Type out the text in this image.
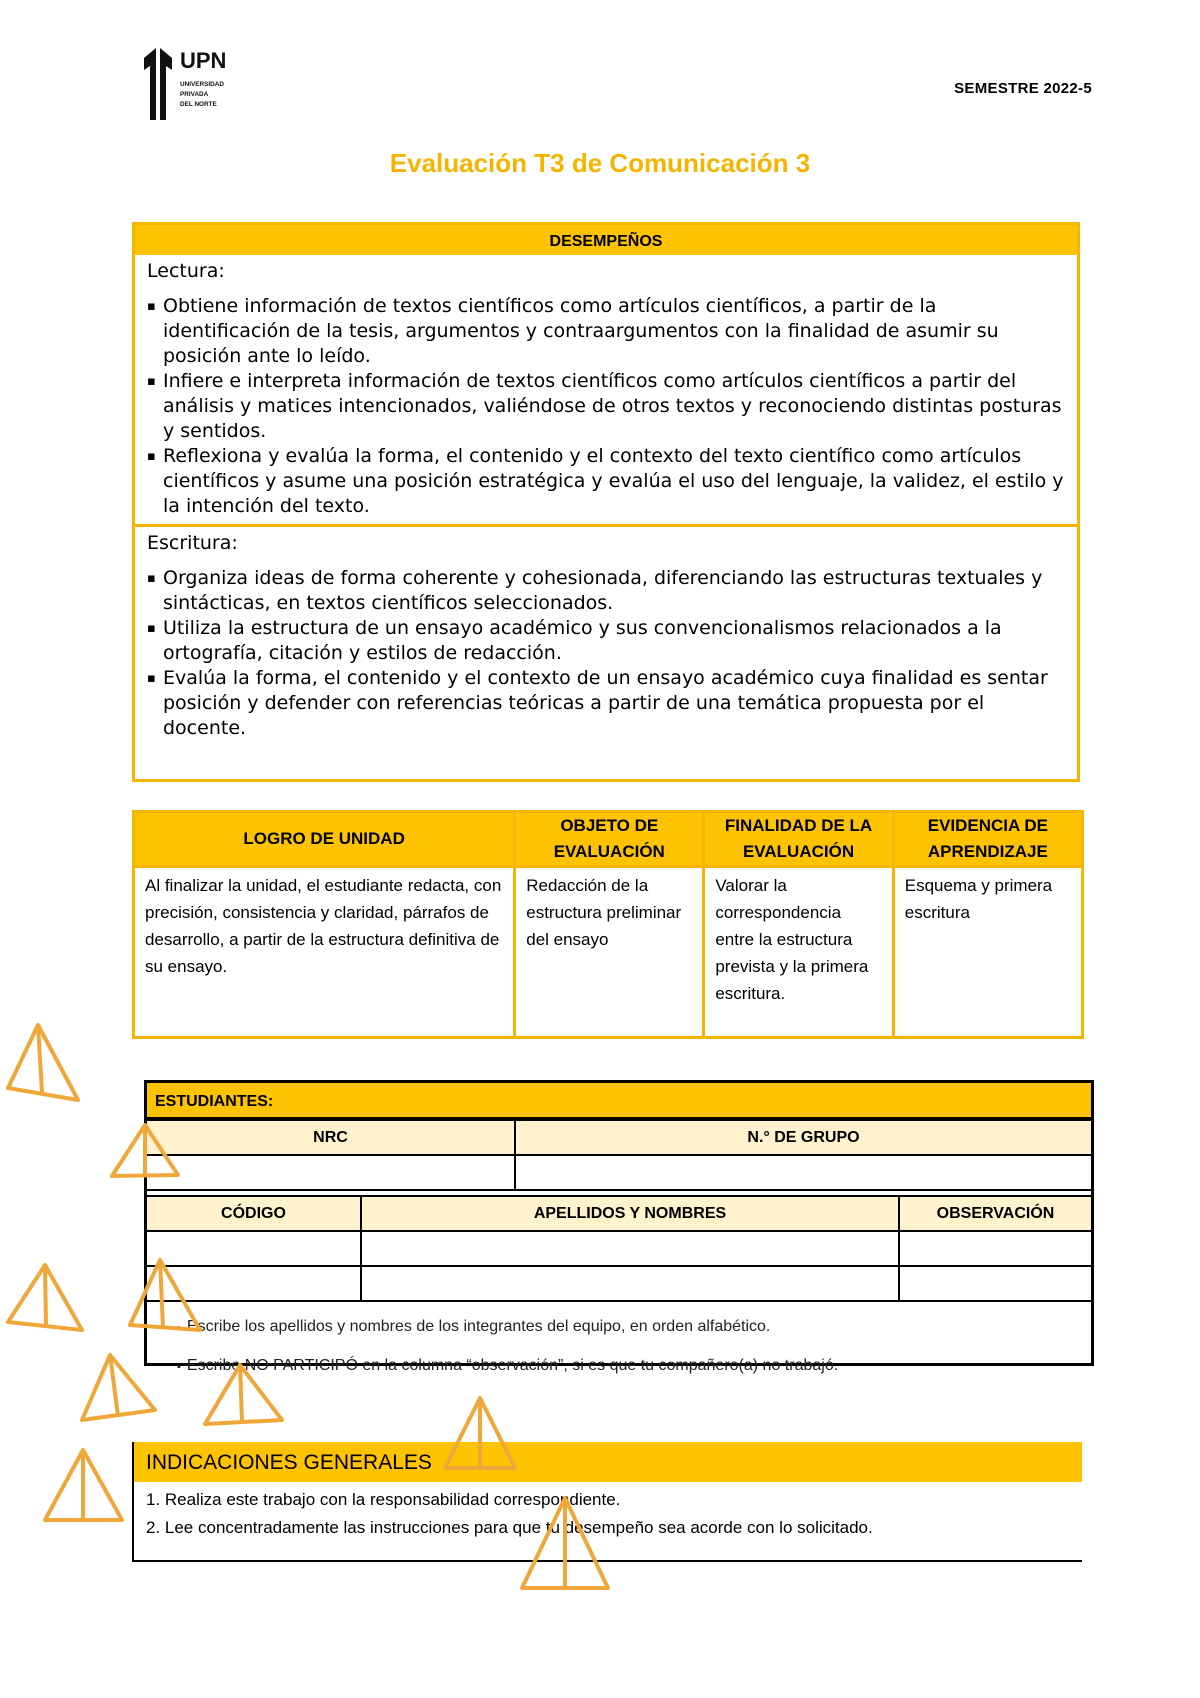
UPN
UNIVERSIDAD
PRIVADA
DEL NORTE
SEMESTRE 2022-5
Evaluación T3 de Comunicación 3
DESEMPEÑOS
Lectura:
▪ Obtiene información de textos científicos como artículos científicos, a partir de la identificación de la tesis, argumentos y contraargumentos con la finalidad de asumir su posición ante lo leído.
▪ Infiere e interpreta información de textos científicos como artículos científicos a partir del análisis y matices intencionados, valiéndose de otros textos y reconociendo distintas posturas y sentidos.
▪ Reflexiona y evalúa la forma, el contenido y el contexto del texto científico como artículos científicos y asume una posición estratégica y evalúa el uso del lenguaje, la validez, el estilo y la intención del texto.
Escritura:
▪ Organiza ideas de forma coherente y cohesionada, diferenciando las estructuras textuales y sintácticas, en textos científicos seleccionados.
▪ Utiliza la estructura de un ensayo académico y sus convencionalismos relacionados a la ortografía, citación y estilos de redacción.
▪ Evalúa la forma, el contenido y el contexto de un ensayo académico cuya finalidad es sentar posición y defender con referencias teóricas a partir de una temática propuesta por el docente.
LOGRO DE UNIDAD	OBJETO DE EVALUACIÓN	FINALIDAD DE LA EVALUACIÓN	EVIDENCIA DE APRENDIZAJE
Al finalizar la unidad, el estudiante redacta, con precisión, consistencia y claridad, párrafos de desarrollo, a partir de la estructura definitiva de su ensayo.	Redacción de la estructura preliminar del ensayo	Valorar la correspondencia entre la estructura prevista y la primera escritura.	Esquema y primera escritura
ESTUDIANTES:
NRC	N.° DE GRUPO

CÓDIGO	APELLIDOS Y NOMBRES	OBSERVACIÓN

▪ Escribe los apellidos y nombres de los integrantes del equipo, en orden alfabético.
▪ Escribe NO PARTICIPÓ en la columna “observación”, si es que tu compañero(a) no trabajó.
INDICACIONES GENERALES
1. Realiza este trabajo con la responsabilidad correspondiente.
2. Lee concentradamente las instrucciones para que tu desempeño sea acorde con lo solicitado.
